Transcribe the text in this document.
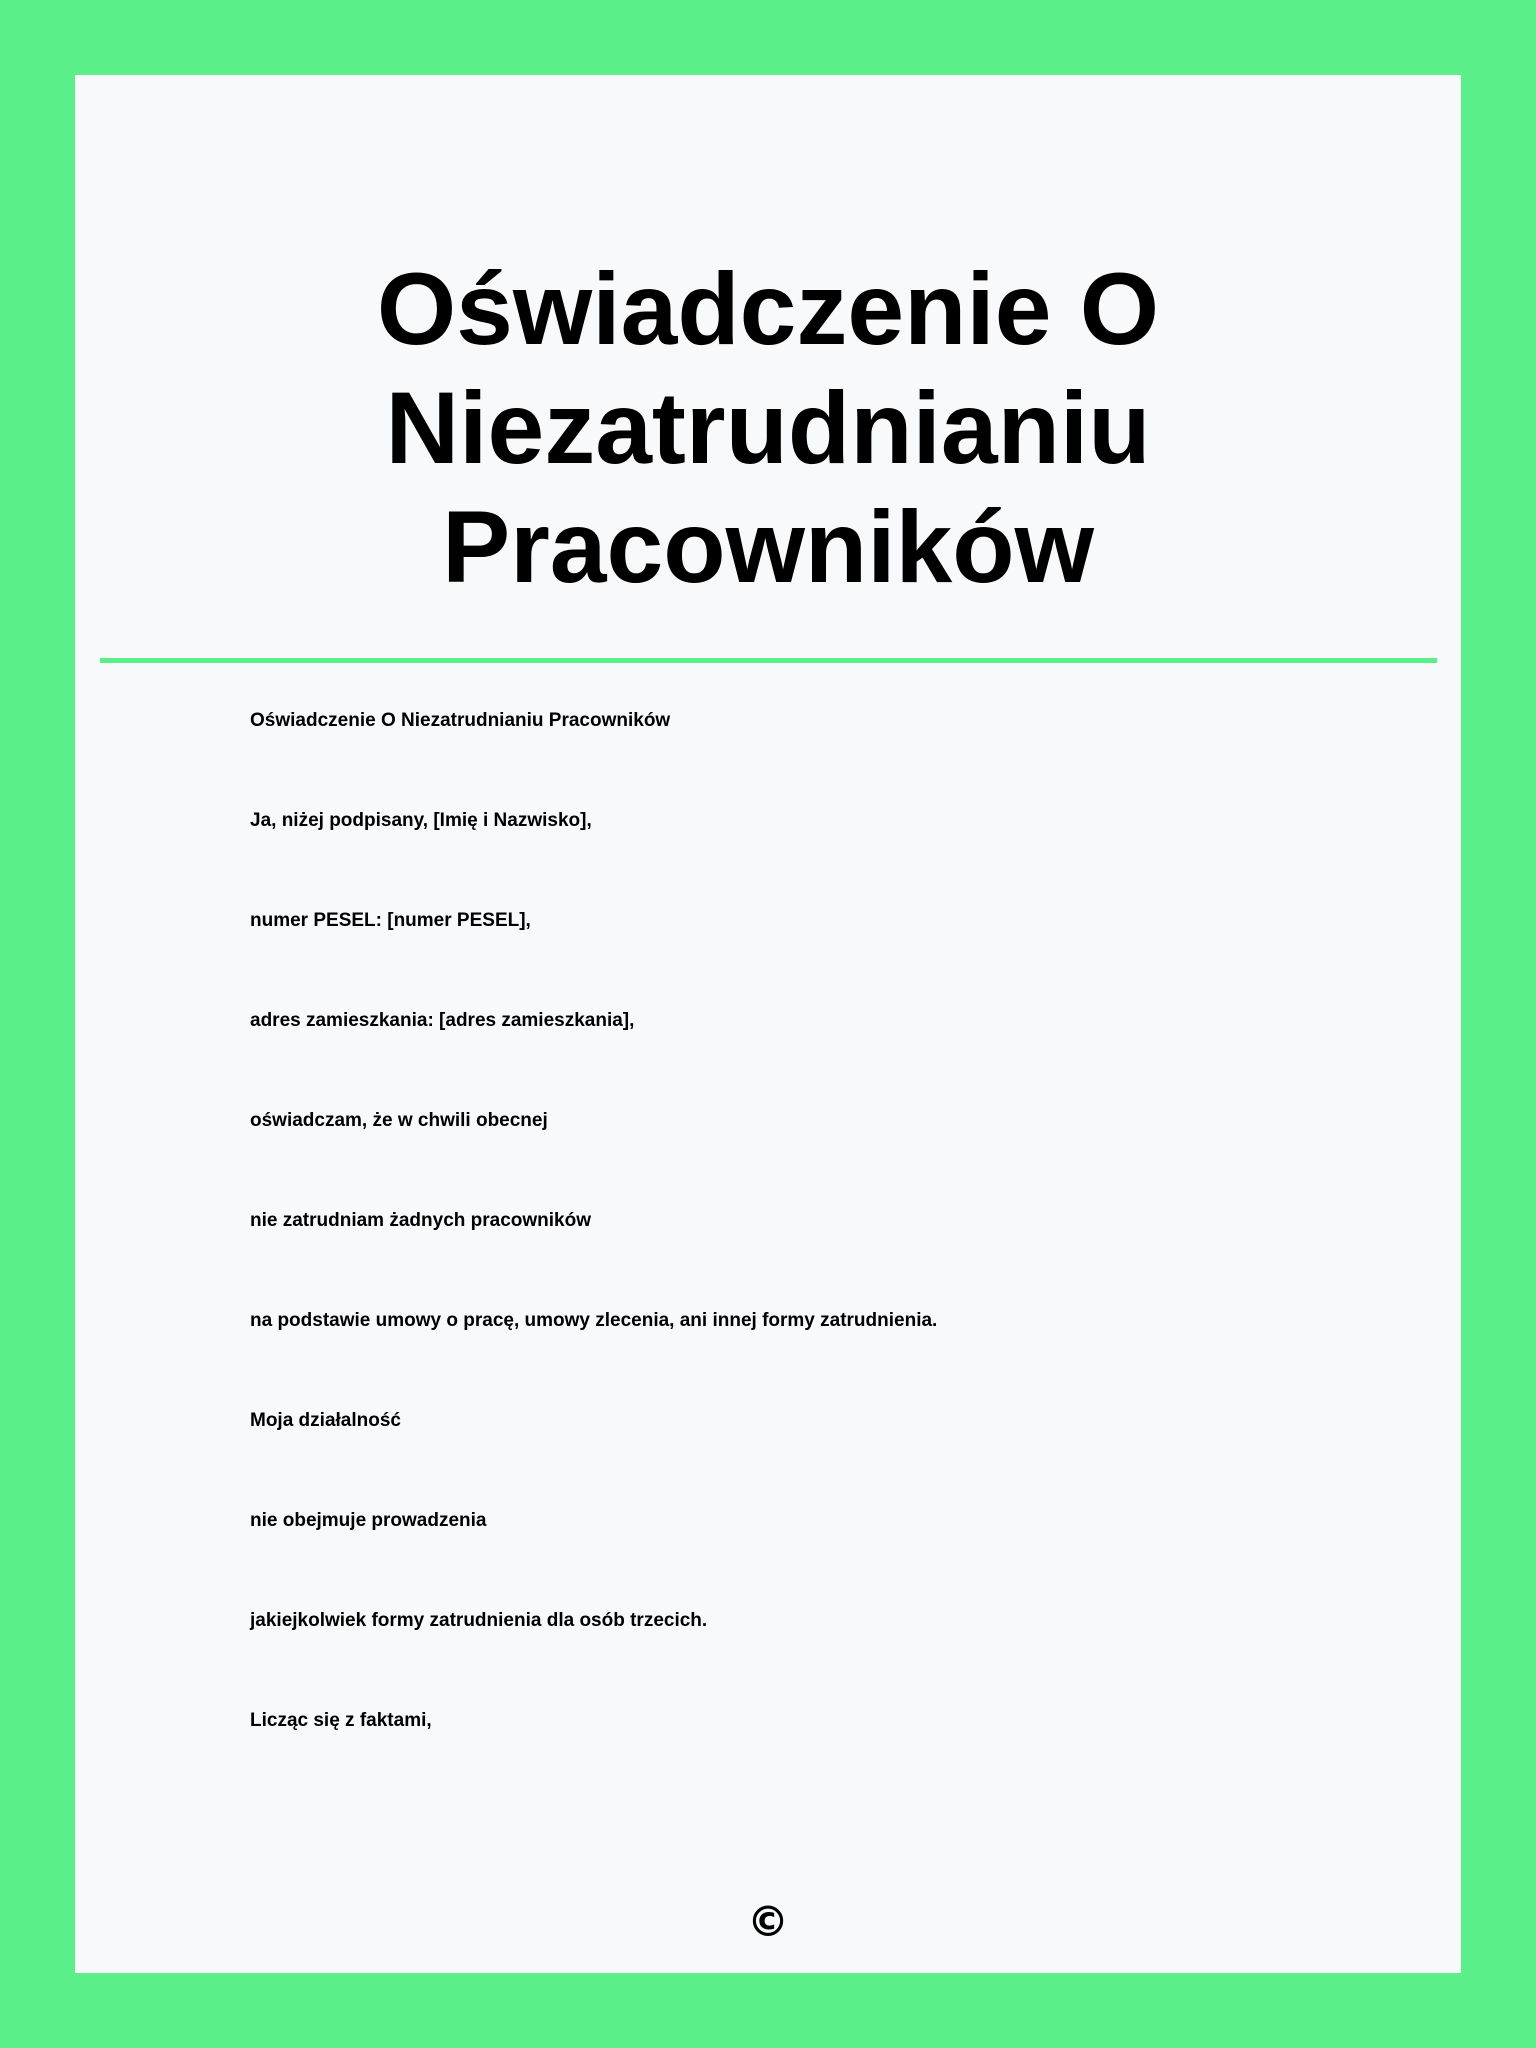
Oświadczenie O Niezatrudnianiu Pracowników
Oświadczenie O Niezatrudnianiu Pracowników
Ja, niżej podpisany, [Imię i Nazwisko],
numer PESEL: [numer PESEL],
adres zamieszkania: [adres zamieszkania],
oświadczam, że w chwili obecnej
nie zatrudniam żadnych pracowników
na podstawie umowy o pracę, umowy zlecenia, ani innej formy zatrudnienia.
Moja działalność
nie obejmuje prowadzenia
jakiejkolwiek formy zatrudnienia dla osób trzecich.
Licząc się z faktami,
©
